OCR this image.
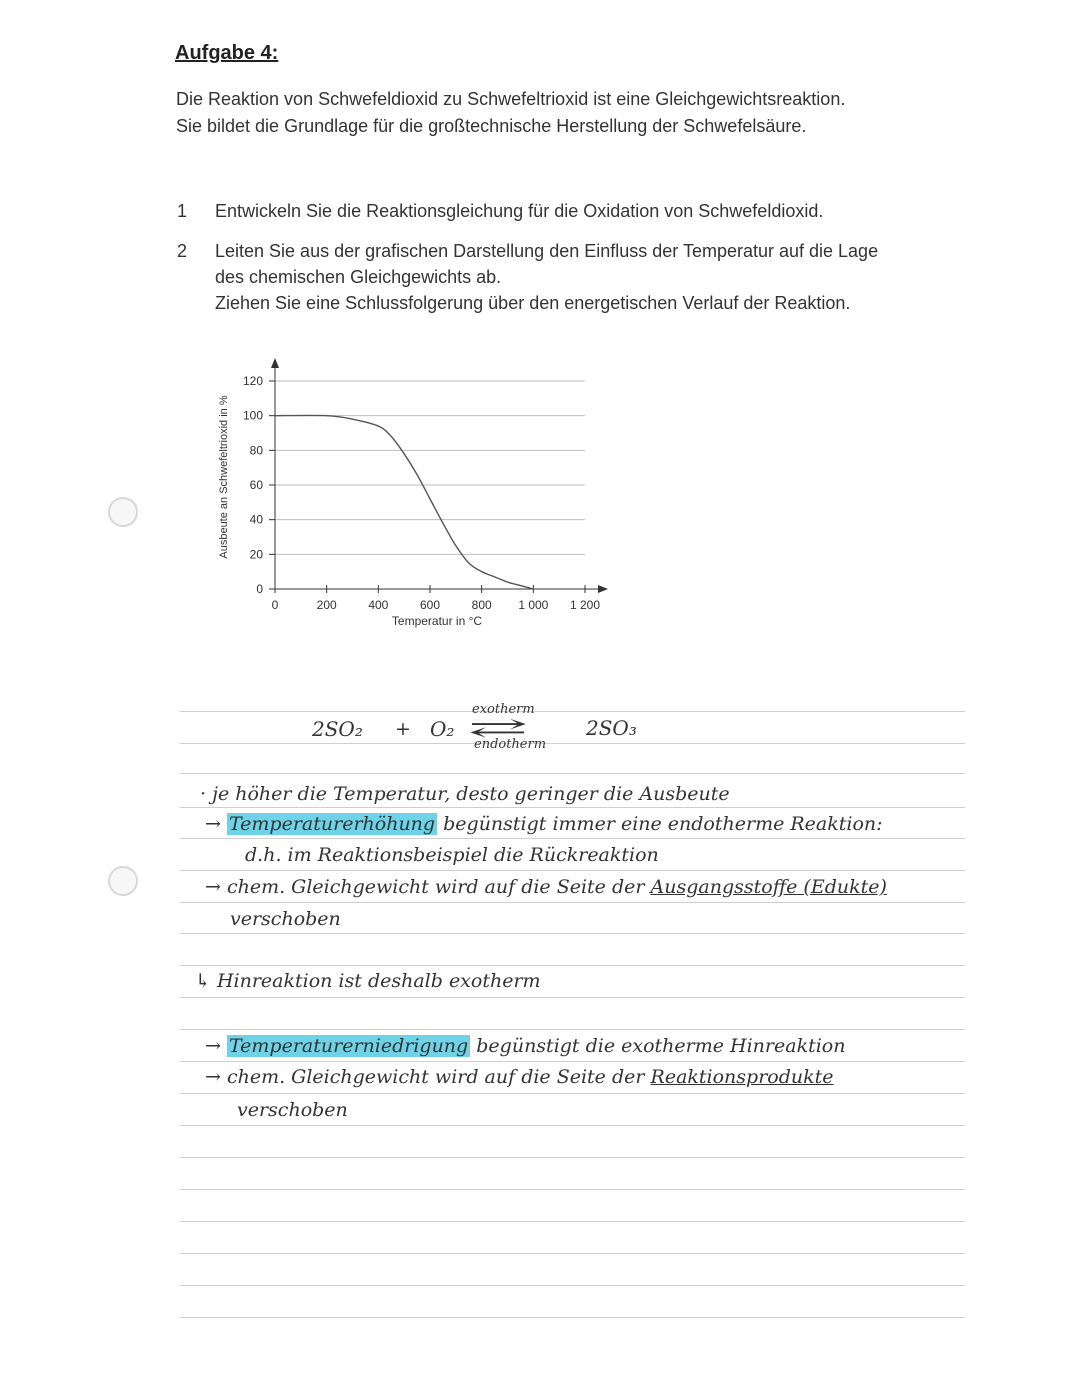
Aufgabe 4:
Die Reaktion von Schwefeldioxid zu Schwefeltrioxid ist eine Gleichgewichtsreaktion.
Sie bildet die Grundlage für die großtechnische Herstellung der Schwefelsäure.
1 Entwickeln Sie die Reaktionsgleichung für die Oxidation von Schwefeldioxid.
2 Leiten Sie aus der grafischen Darstellung den Einfluss der Temperatur auf die Lage
des chemischen Gleichgewichts ab.
Ziehen Sie eine Schlussfolgerung über den energetischen Verlauf der Reaktion.
0
20
40
60
80
100
120
0	200	400	600	800 1 000 1 200
Ausbeute an Schwefeltrioxid in %
Temperatur in °C
2SO₂ + O₂
exotherm
⇄
endotherm
2SO₃
· je höher die Temperatur, desto geringer die Ausbeute
→ Temperaturerhöhung begünstigt immer eine endotherme Reaktion:
d.h. im Reaktionsbeispiel die Rückreaktion
→ chem. Gleichgewicht wird auf die Seite der Ausgangsstoffe (Edukte)
verschoben
↳ Hinreaktion ist deshalb exotherm
→ Temperaturerniedrigung begünstigt die exotherme Hinreaktion
→ chem. Gleichgewicht wird auf die Seite der Reaktionsprodukte
verschoben
